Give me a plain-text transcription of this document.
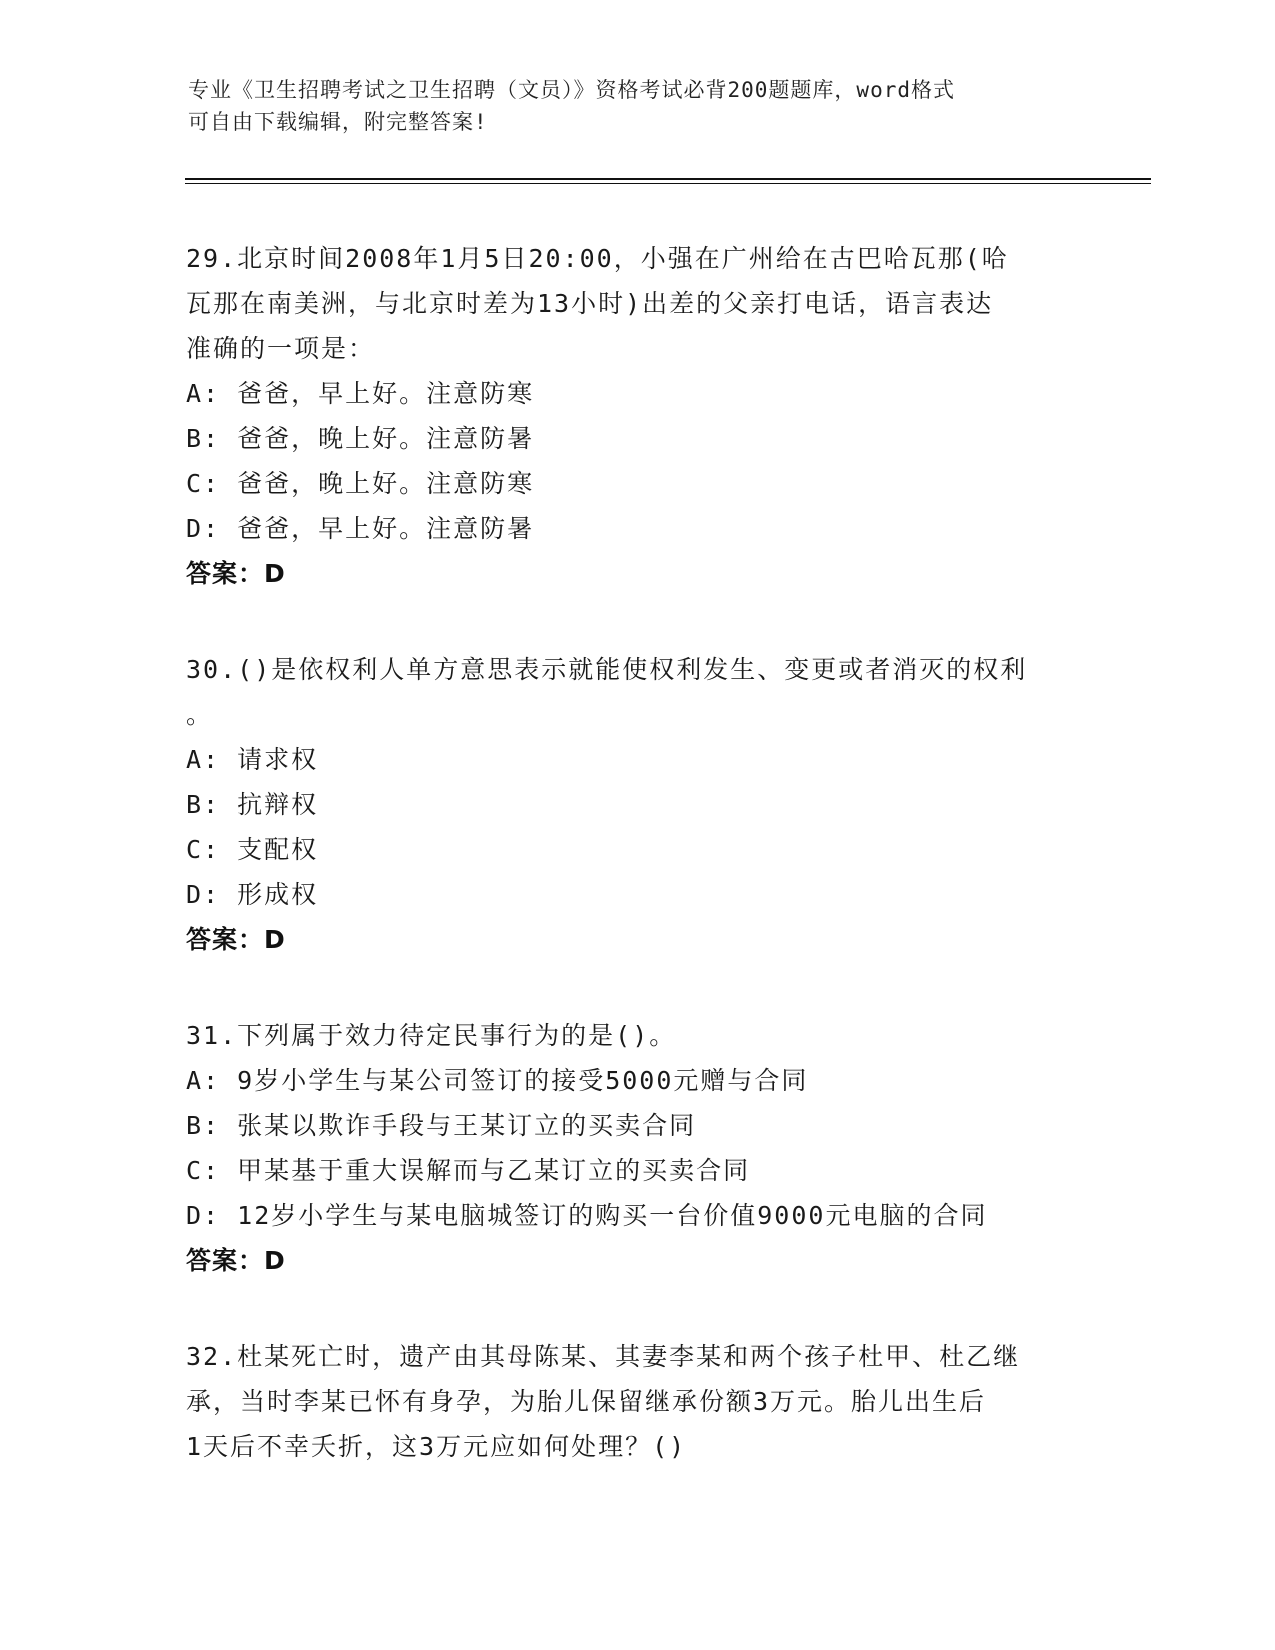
专业《卫生招聘考试之卫生招聘（文员）》资格考试必背200题题库，word格式
可自由下载编辑，附完整答案!
29.北京时间2008年1月5日20:00，小强在广州给在古巴哈瓦那(哈
瓦那在南美洲，与北京时差为13小时)出差的父亲打电话，语言表达
准确的一项是：
A: 爸爸，早上好。注意防寒
B: 爸爸，晚上好。注意防暑
C: 爸爸，晚上好。注意防寒
D: 爸爸，早上好。注意防暑
答案：D
30.()是依权利人单方意思表示就能使权利发生、变更或者消灭的权利
。
A: 请求权
B: 抗辩权
C: 支配权
D: 形成权
答案：D
31.下列属于效力待定民事行为的是()。
A: 9岁小学生与某公司签订的接受5000元赠与合同
B: 张某以欺诈手段与王某订立的买卖合同
C: 甲某基于重大误解而与乙某订立的买卖合同
D: 12岁小学生与某电脑城签订的购买一台价值9000元电脑的合同
答案：D
32.杜某死亡时，遗产由其母陈某、其妻李某和两个孩子杜甲、杜乙继
承，当时李某已怀有身孕，为胎儿保留继承份额3万元。胎儿出生后
1天后不幸夭折，这3万元应如何处理？()
